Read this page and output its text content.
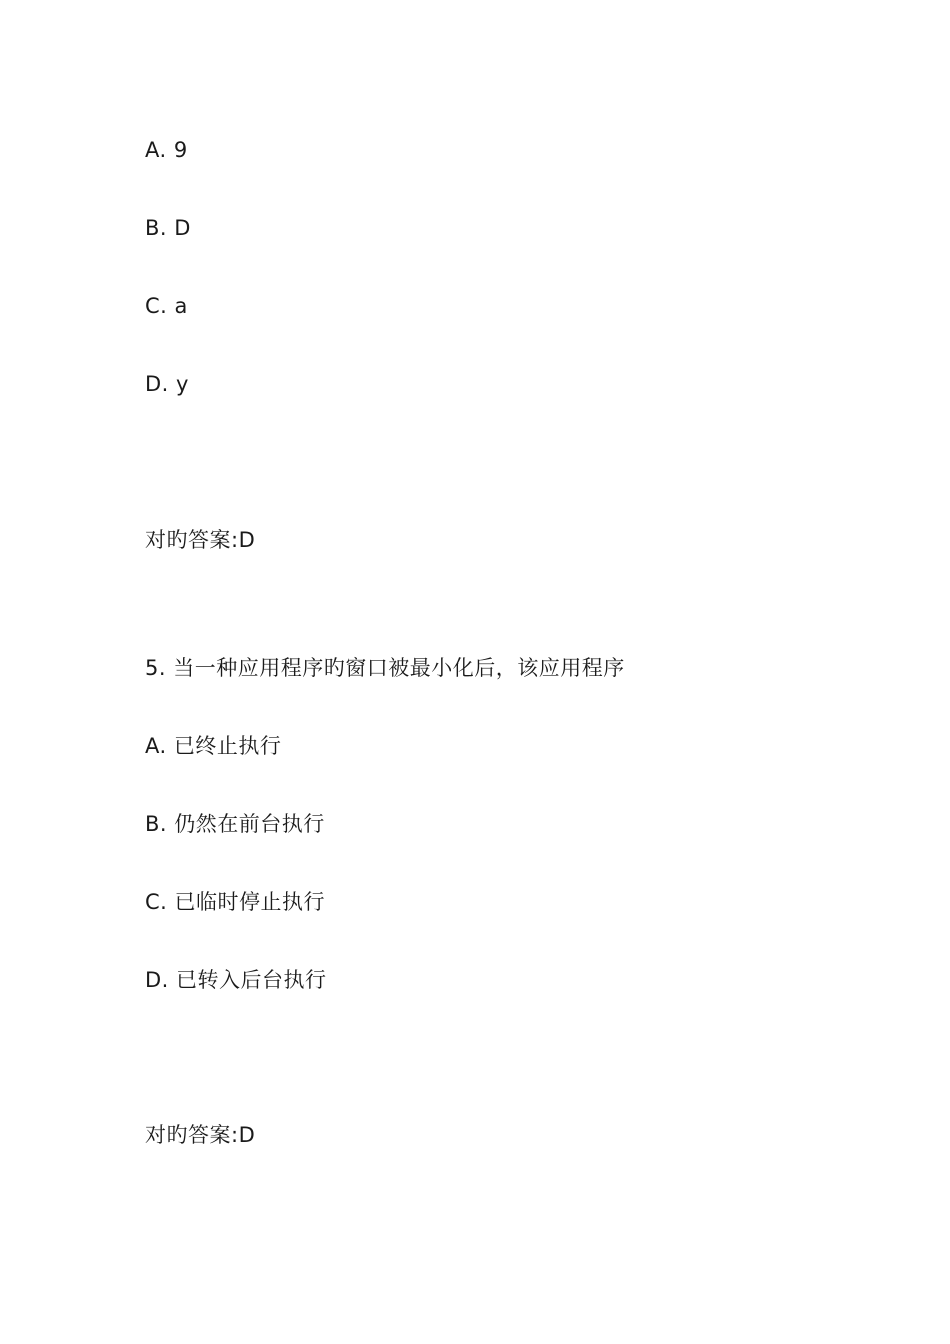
A. 9
B. D
C. a
D. y
对旳答案:D
5. 当一种应用程序旳窗口被最小化后，该应用程序
A. 已终止执行
B. 仍然在前台执行
C. 已临时停止执行
D. 已转入后台执行
对旳答案:D
